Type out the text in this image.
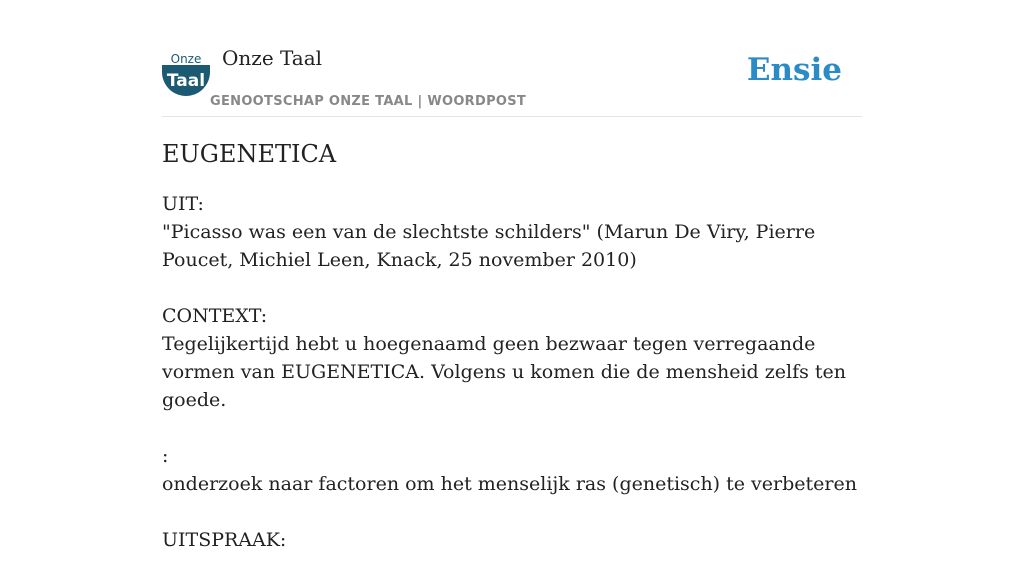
Onze
Taal
Onze Taal
GENOOTSCHAP ONZE TAAL | WOORDPOST
Ensie
EUGENETICA
UIT:
"Picasso was een van de slechtste schilders" (Marun De Viry, Pierre Poucet, Michiel Leen, Knack, 25 november 2010)
CONTEXT:
Tegelijkertijd hebt u hoegenaamd geen bezwaar tegen verregaande vormen van EUGENETICA. Volgens u komen die de mensheid zelfs ten goede.
:
onderzoek naar factoren om het menselijk ras (genetisch) te verbeteren
UITSPRAAK:
